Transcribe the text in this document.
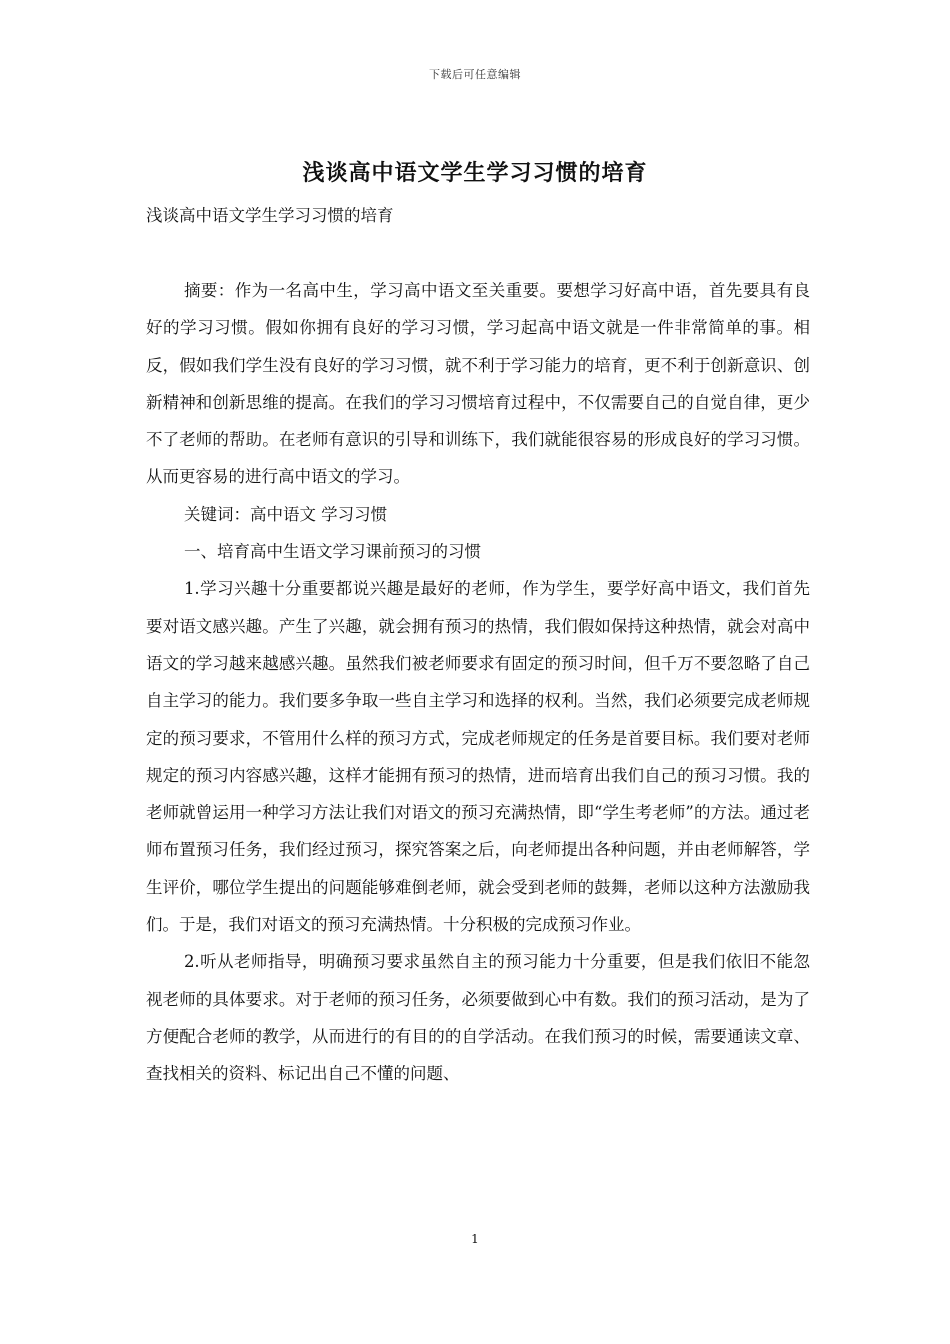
下载后可任意编辑
浅谈高中语文学生学习习惯的培育
浅谈高中语文学生学习习惯的培育

摘要：作为一名高中生，学习高中语文至关重要。要想学习好高中语，首先要具有良好的学习习惯。假如你拥有良好的学习习惯，学习起高中语文就是一件非常简单的事。相反，假如我们学生没有良好的学习习惯，就不利于学习能力的培育，更不利于创新意识、创新精神和创新思维的提高。在我们的学习习惯培育过程中，不仅需要自己的自觉自律，更少不了老师的帮助。在老师有意识的引导和训练下，我们就能很容易的形成良好的学习习惯。从而更容易的进行高中语文的学习。

关键词：高中语文 学习习惯

一、培育高中生语文学习课前预习的习惯

1.学习兴趣十分重要都说兴趣是最好的老师，作为学生，要学好高中语文，我们首先要对语文感兴趣。产生了兴趣，就会拥有预习的热情，我们假如保持这种热情，就会对高中语文的学习越来越感兴趣。虽然我们被老师要求有固定的预习时间，但千万不要忽略了自己自主学习的能力。我们要多争取一些自主学习和选择的权利。当然，我们必须要完成老师规定的预习要求，不管用什么样的预习方式，完成老师规定的任务是首要目标。我们要对老师规定的预习内容感兴趣，这样才能拥有预习的热情，进而培育出我们自己的预习习惯。我的老师就曾运用一种学习方法让我们对语文的预习充满热情，即“学生考老师”的方法。通过老师布置预习任务，我们经过预习，探究答案之后，向老师提出各种问题，并由老师解答，学生评价，哪位学生提出的问题能够难倒老师，就会受到老师的鼓舞，老师以这种方法激励我们。于是，我们对语文的预习充满热情。十分积极的完成预习作业。

2.听从老师指导，明确预习要求虽然自主的预习能力十分重要，但是我们依旧不能忽视老师的具体要求。对于老师的预习任务，必须要做到心中有数。我们的预习活动，是为了方便配合老师的教学，从而进行的有目的的自学活动。在我们预习的时候，需要通读文章、查找相关的资料、标记出自己不懂的问题、

1
